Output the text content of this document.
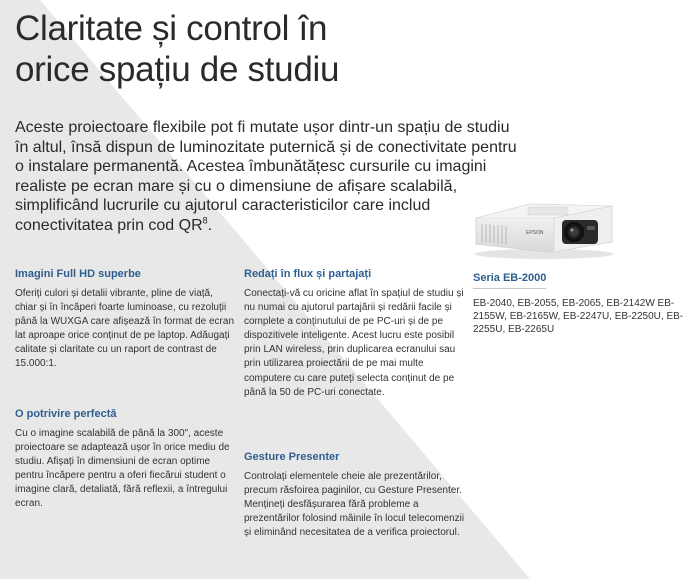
Claritate și control în
orice spațiu de studiu

Aceste proiectoare flexibile pot fi mutate ușor dintr-un spațiu de studiu în altul, însă dispun de luminozitate puternică și de conectivitate pentru o instalare permanentă. Acestea îmbunătățesc cursurile cu imagini realiste pe ecran mare și cu o dimensiune de afișare scalabilă, simplificând lucrurile cu ajutorul caracteristicilor care includ conectivitatea prin cod $QR^8$.

Imagini Full HD superbe

Oferiți culori și detalii vibrante, pline de viață, chiar și în încăperi foarte luminoase, cu rezoluții până la WUXGA care afișează în format de ecran lat aproape orice conținut de pe laptop. Adăugați calitate și claritate cu un raport de contrast de 15.000:1.

O potrivire perfectă

Cu o imagine scalabilă de până la 300", aceste proiectoare se adaptează ușor în orice mediu de studiu. Afișați în dimensiuni de ecran optime pentru încăpere pentru a oferi fiecărui student o imagine clară, detaliată, fără reflexii, a întregului ecran.

Redați în flux și partajați

Conectați-vă cu oricine aflat în spațiul de studiu și nu numai cu ajutorul partajării și redării facile și complete a conținutului de pe PC-uri și de pe dispozitivele inteligente. Acest lucru este posibil prin LAN wireless, prin duplicarea ecranului sau prin utilizarea proiectării de pe mai multe computere cu care puteți selecta conținut de pe până la 50 de PC-uri conectate.

Gesture Presenter

Controlați elementele cheie ale prezentărilor, precum răsfoirea paginilor, cu Gesture Presenter. Mențineți desfășurarea fără probleme a prezentărilor folosind mâinile în locul telecomenzii și eliminând necesitatea de a verifica proiectorul.

EPSON
Seria EB-2000

EB-2040, EB-2055, EB-2065, EB-2142W EB-2155W, EB-2165W, EB-2247U, EB-2250U, EB-2255U, EB-2265U
